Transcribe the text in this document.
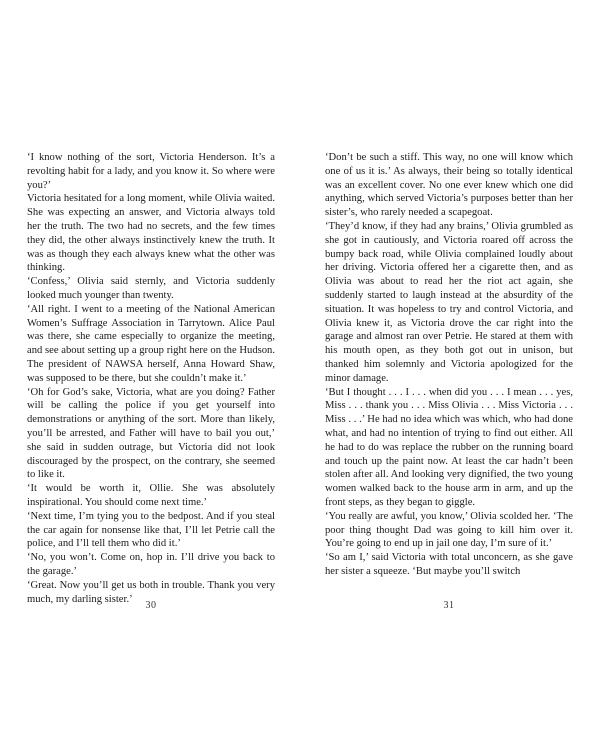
‘I know nothing of the sort, Victoria Henderson. It’s a revolting habit for a lady, and you know it. So where were you?’

Victoria hesitated for a long moment, while Olivia waited. She was expecting an answer, and Victoria always told her the truth. The two had no secrets, and the few times they did, the other always instinctively knew the truth. It was as though they each always knew what the other was thinking.

‘Confess,’ Olivia said sternly, and Victoria suddenly looked much younger than twenty.

‘All right. I went to a meeting of the National American Women’s Suffrage Association in Tarrytown. Alice Paul was there, she came especially to organize the meeting, and see about setting up a group right here on the Hudson. The president of NAWSA herself, Anna Howard Shaw, was supposed to be there, but she couldn’t make it.’

‘Oh for God’s sake, Victoria, what are you doing? Father will be calling the police if you get yourself into demonstrations or anything of the sort. More than likely, you’ll be arrested, and Father will have to bail you out,’ she said in sudden outrage, but Victoria did not look discouraged by the prospect, on the contrary, she seemed to like it.

‘It would be worth it, Ollie. She was absolutely inspirational. You should come next time.’

‘Next time, I’m tying you to the bedpost. And if you steal the car again for nonsense like that, I’ll let Petrie call the police, and I’ll tell them who did it.’

‘No, you won’t. Come on, hop in. I’ll drive you back to the garage.’

‘Great. Now you’ll get us both in trouble. Thank you very much, my darling sister.’

30

‘Don’t be such a stiff. This way, no one will know which one of us it is.’ As always, their being so totally identical was an excellent cover. No one ever knew which one did anything, which served Victoria’s purposes better than her sister’s, who rarely needed a scapegoat.

‘They’d know, if they had any brains,’ Olivia grumbled as she got in cautiously, and Victoria roared off across the bumpy back road, while Olivia complained loudly about her driving. Victoria offered her a cigarette then, and as Olivia was about to read her the riot act again, she suddenly started to laugh instead at the absurdity of the situation. It was hopeless to try and control Victoria, and Olivia knew it, as Victoria drove the car right into the garage and almost ran over Petrie. He stared at them with his mouth open, as they both got out in unison, but thanked him solemnly and Victoria apologized for the minor damage.

‘But I thought . . . I . . . when did you . . . I mean . . . yes, Miss . . . thank you . . . Miss Olivia . . . Miss Victoria . . . Miss . . .’ He had no idea which was which, who had done what, and had no intention of trying to find out either. All he had to do was replace the rubber on the running board and touch up the paint now. At least the car hadn’t been stolen after all. And looking very dignified, the two young women walked back to the house arm in arm, and up the front steps, as they began to giggle.

‘You really are awful, you know,’ Olivia scolded her. ‘The poor thing thought Dad was going to kill him over it. You’re going to end up in jail one day, I’m sure of it.’

‘So am I,’ said Victoria with total unconcern, as she gave her sister a squeeze. ‘But maybe you’ll switch

31
